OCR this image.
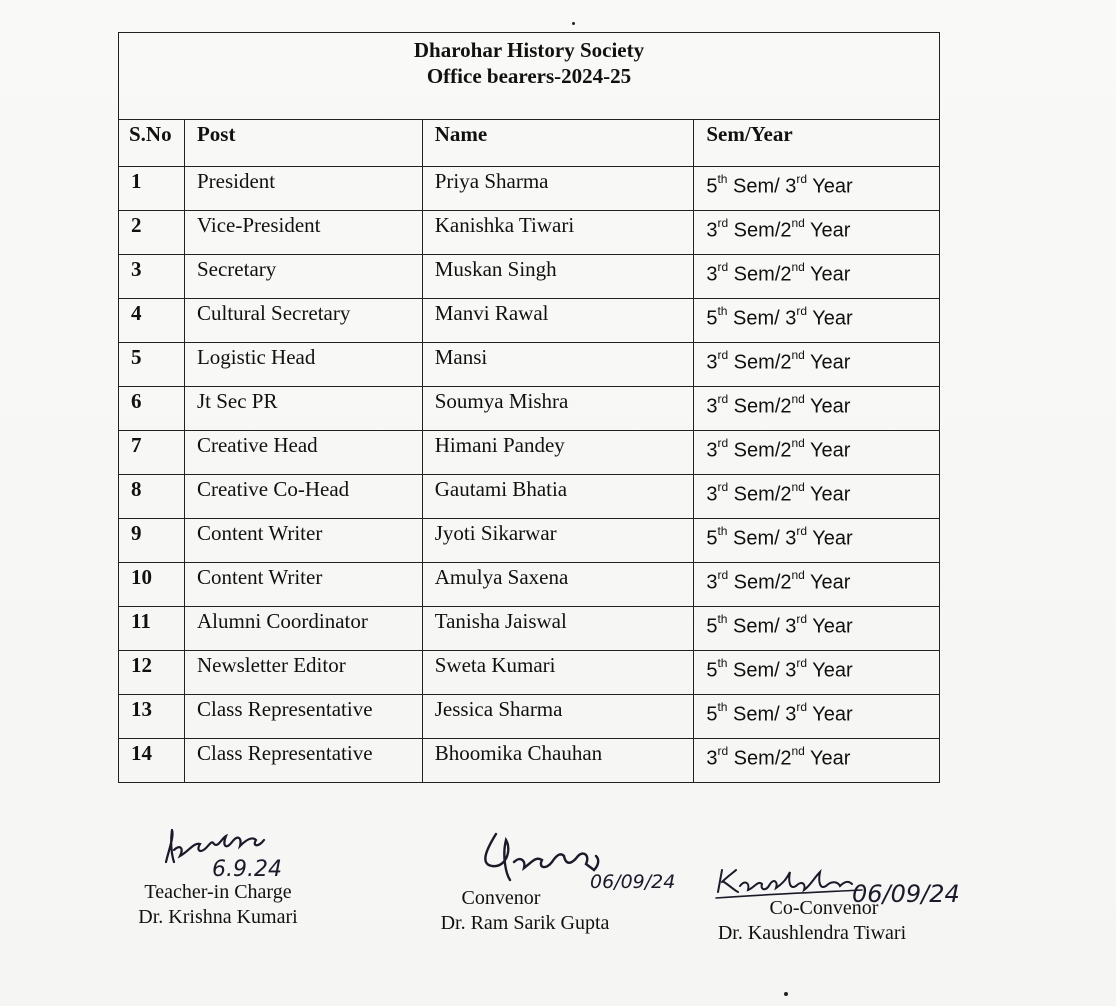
Dharohar History Society
Office bearers-2024-25			

S.No	Post	Name	Sem/Year
1	President	Priya Sharma	5th Sem/ 3rd Year
2	Vice-President	Kanishka Tiwari	3rd Sem/2nd Year
3	Secretary	Muskan Singh	3rd Sem/2nd Year
4	Cultural Secretary	Manvi Rawal	5th Sem/ 3rd Year
5	Logistic Head	Mansi	3rd Sem/2nd Year
6	Jt Sec PR	Soumya Mishra	3rd Sem/2nd Year
7	Creative Head	Himani Pandey	3rd Sem/2nd Year
8	Creative Co-Head	Gautami Bhatia	3rd Sem/2nd Year
9	Content Writer	Jyoti Sikarwar	5th Sem/ 3rd Year
10	Content Writer	Amulya Saxena	3rd Sem/2nd Year
11	Alumni Coordinator	Tanisha Jaiswal	5th Sem/ 3rd Year
12	Newsletter Editor	Sweta Kumari	5th Sem/ 3rd Year
13	Class Representative	Jessica Sharma	5th Sem/ 3rd Year
14	Class Representative	Bhoomika Chauhan	3rd Sem/2nd Year
6.9.24
Teacher-in Charge
Dr. Krishna Kumari
06/09/24
Convenor
Dr. Ram Sarik Gupta
06/09/24
Co-Convenor
Dr. Kaushlendra Tiwari
